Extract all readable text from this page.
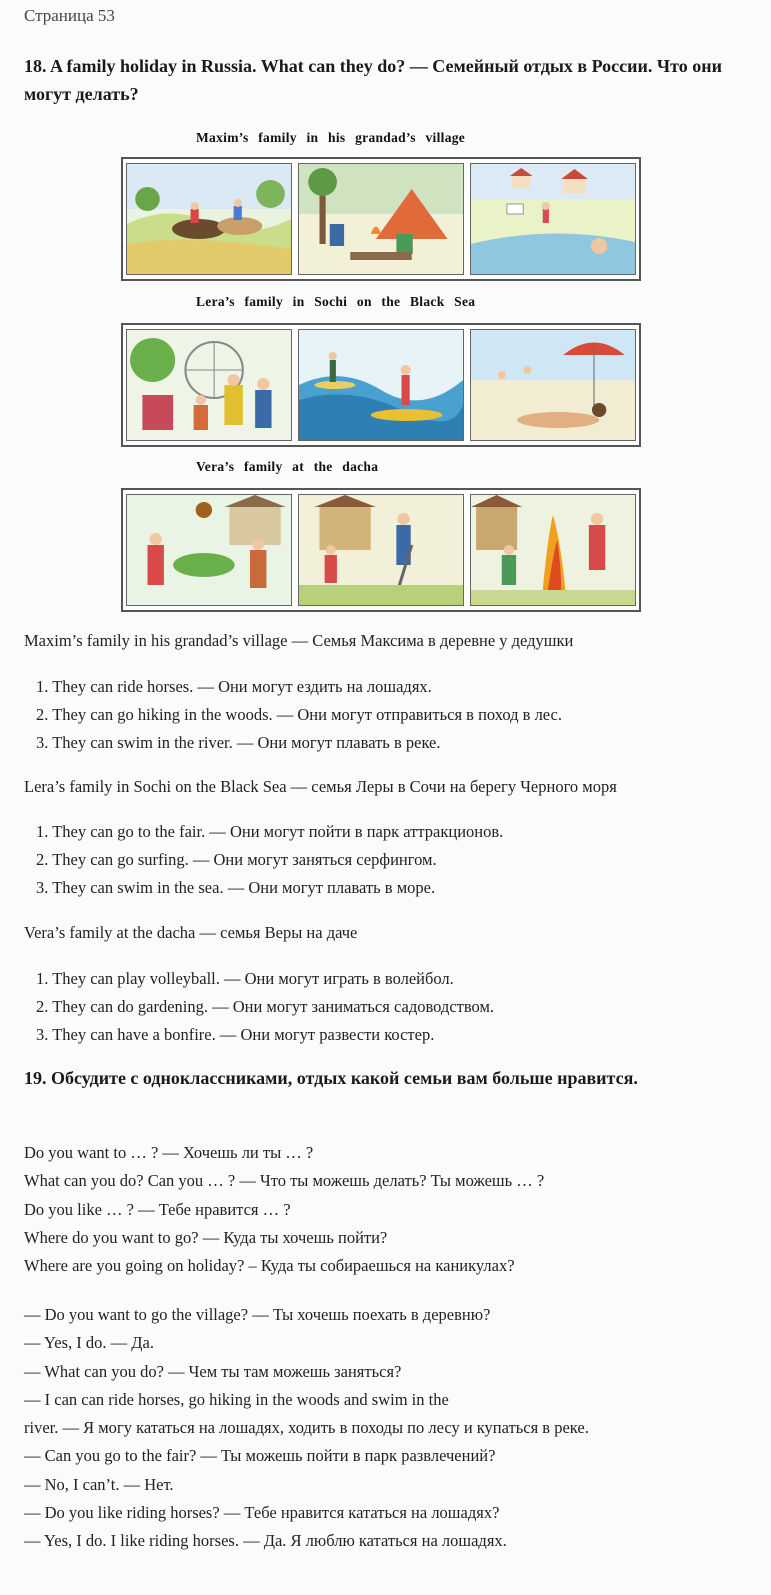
Страница 53
18. A family holiday in Russia. What can they do? — Семейный отдых в России. Что они могут делать?
Maxim’s family in his grandad’s village
Lera’s family in Sochi on the Black Sea
Vera’s family at the dacha
Maxim’s family in his grandad’s village — Семья Максима в деревне у дедушки
1. They can ride horses. — Они могут ездить на лошадях.
2. They can go hiking in the woods. — Они могут отправиться в поход в лес.
3. They can swim in the river. — Они могут плавать в реке.
Lera’s family in Sochi on the Black Sea — семья Леры в Сочи на берегу Черного моря
1. They can go to the fair. — Они могут пойти в парк аттракционов.
2. They can go surfing. — Они могут заняться серфингом.
3. They can swim in the sea. — Они могут плавать в море.
Vera’s family at the dacha — семья Веры на даче
1. They can play volleyball. — Они могут играть в волейбол.
2. They can do gardening. — Они могут заниматься садоводством.
3. They can have a bonfire. — Они могут развести костер.
19. Обсудите с одноклассниками, отдых какой семьи вам больше нравится.
Do you want to … ? — Хочешь ли ты … ?
What can you do? Can you … ? — Что ты можешь делать? Ты можешь … ?
Do you like … ? — Тебе нравится … ?
Where do you want to go? — Куда ты хочешь пойти?
Where are you going on holiday? – Куда ты собираешься на каникулах?
— Do you want to go the village? — Ты хочешь поехать в деревню?
— Yes, I do. — Да.
— What can you do? — Чем ты там можешь заняться?
— I can can ride horses, go hiking in the woods and swim in the
river. — Я могу кататься на лошадях, ходить в походы по лесу и купаться в реке.
— Can you go to the fair? — Ты можешь пойти в парк развлечений?
— No, I can’t. — Нет.
— Do you like riding horses? — Тебе нравится кататься на лошадях?
— Yes, I do. I like riding horses. — Да. Я люблю кататься на лошадях.
